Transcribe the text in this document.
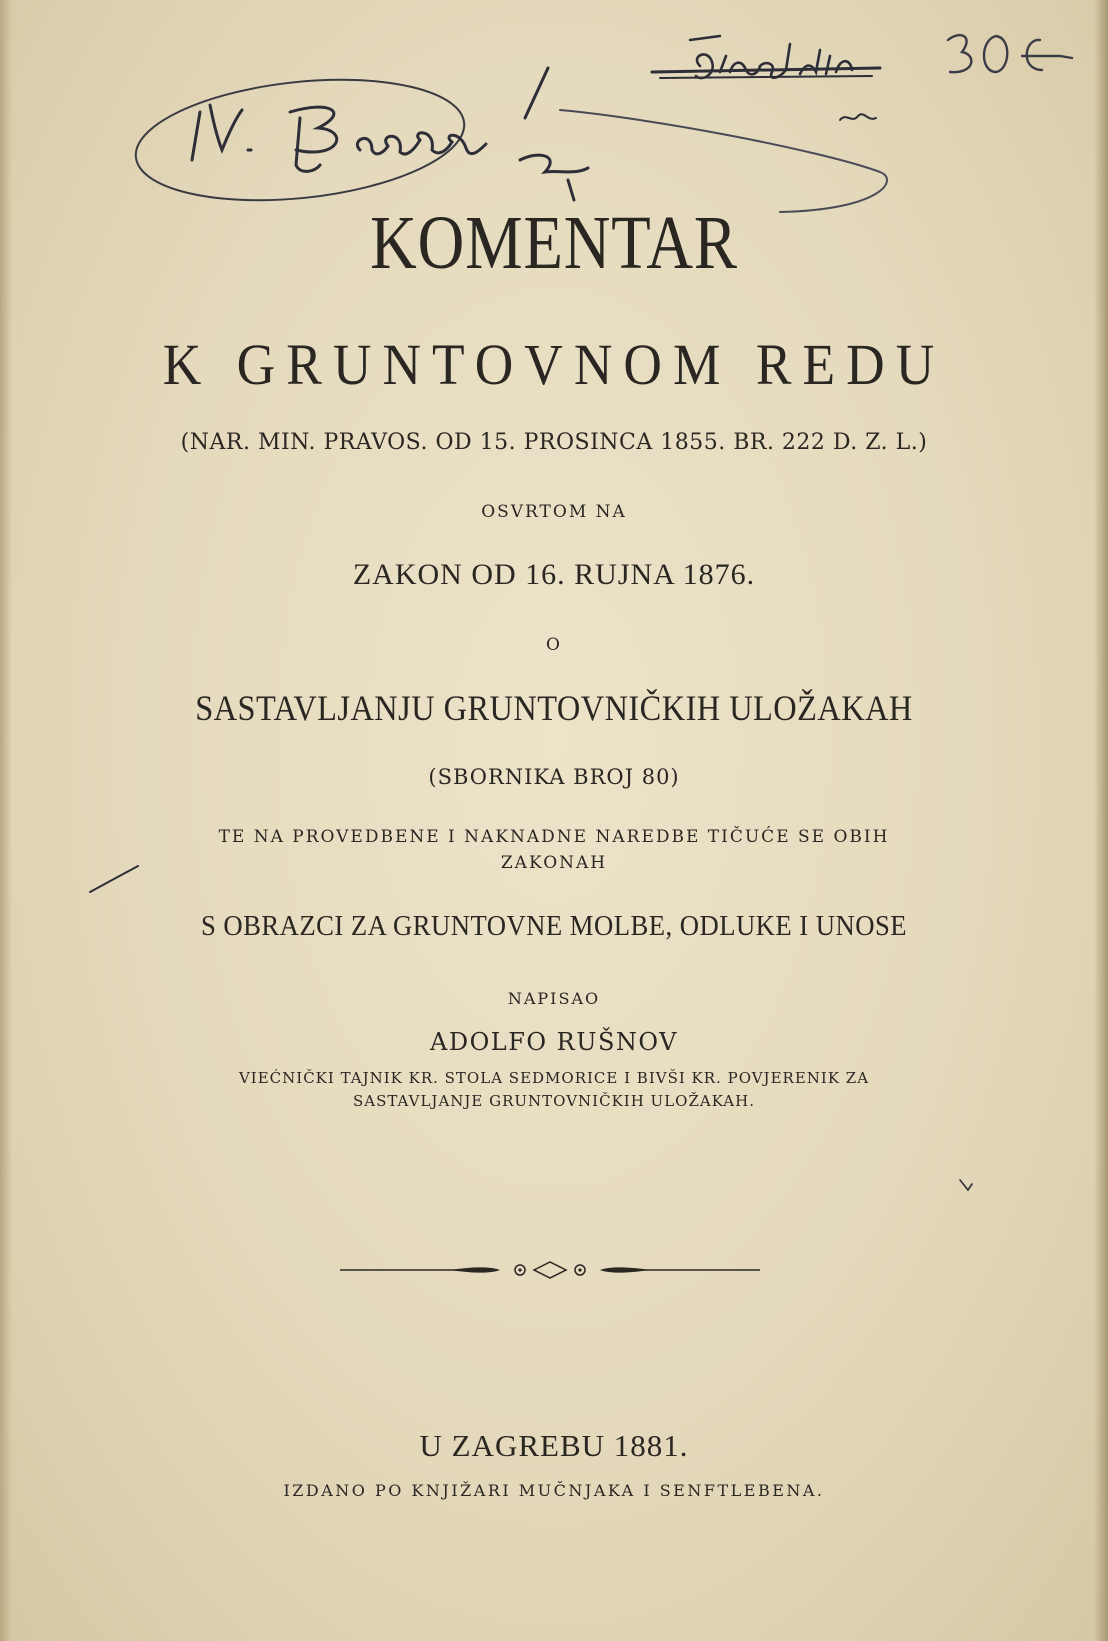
KOMENTAR
K GRUNTOVNOM REDU
(NAR. MIN. PRAVOS. OD 15. PROSINCA 1855. BR. 222 D. Z. L.)
OSVRTOM NA
ZAKON OD 16. RUJNA 1876.
O
SASTAVLJANJU GRUNTOVNIČKIH ULOŽAKAH
(SBORNIKA BROJ 80)
TE NA PROVEDBENE I NAKNADNE NAREDBE TIČUĆE SE OBIH
ZAKONAH
S OBRAZCI ZA GRUNTOVNE MOLBE, ODLUKE I UNOSE
NAPISAO
ADOLFO RUŠNOV
VIEĆNIČKI TAJNIK KR. STOLA SEDMORICE I BIVŠI KR. POVJERENIK ZA
SASTAVLJANJE GRUNTOVNIČKIH ULOŽAKAH.
U ZAGREBU 1881.
IZDANO PO KNJIŽARI MUČNJAKA I SENFTLEBENA.
